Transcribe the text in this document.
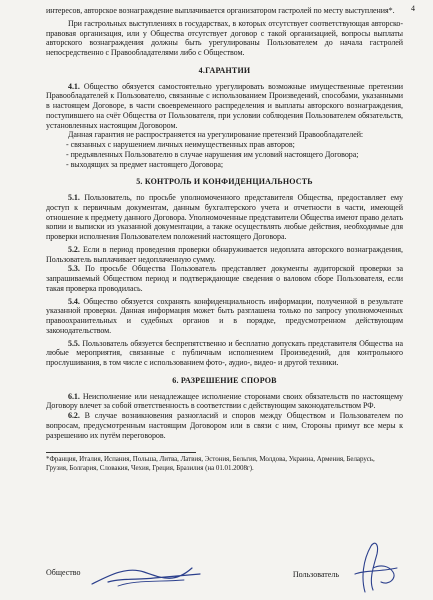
4

интересов, авторское вознаграждение выплачивается организатором гастролей по месту выступления*.

При гастрольных выступлениях в государствах, в которых отсутствует соответствующая авторско-правовая организация, или у Общества отсутствует договор с такой организацией, вопросы выплаты авторского вознаграждения должны быть урегулированы Пользователем до начала гастролей непосредственно с Правообладателями либо с Обществом.

4.ГАРАНТИИ

4.1. Общество обязуется самостоятельно урегулировать возможные имущественные претензии Правообладателей к Пользователю, связанные с использованием Произведений, способами, указанными в настоящем Договоре, в части своевременного распределения и выплаты авторского вознаграждения, поступившего на счёт Общества от Пользователя, при условии соблюдения Пользователем обязательств, установленных настоящим Договором.

Данная гарантия не распространяется на урегулирование претензий Правообладателей:

- связанных с нарушением личных неимущественных прав авторов;
- предъявленных Пользователю в случае нарушения им условий настоящего Договора;
- выходящих за предмет настоящего Договора;
5. КОНТРОЛЬ И КОНФИДЕНЦИАЛЬНОСТЬ

5.1. Пользователь, по просьбе уполномоченного представителя Общества, предоставляет ему доступ к первичным документам, данным бухгалтерского учета и отчетности в части, имеющей отношение к предмету данного Договора. Уполномоченные представители Общества имеют право делать копии и выписки из указанной документации, а также осуществлять любые действия, необходимые для проверки исполнения Пользователем положений настоящего Договора.

5.2. Если в период проведения проверки обнаруживается недоплата авторского вознаграждения, Пользователь выплачивает недоплаченную сумму.

5.3. По просьбе Общества Пользователь представляет документы аудиторской проверки за запрашиваемый Обществом период и подтверждающие сведения о валовом сборе Пользователя, если такая проверка проводилась.

5.4. Общество обязуется сохранять конфиденциальность информации, полученной в результате указанной проверки. Данная информация может быть разглашена только по запросу уполномоченных правоохранительных и судебных органов и в порядке, предусмотренном действующим законодательством.

5.5. Пользователь обязуется беспрепятственно и бесплатно допускать представителя Общества на любые мероприятия, связанные с публичным исполнением Произведений, для контрольного прослушивания, в том числе с использованием фото-, аудио-, видео- и другой техники.

6. РАЗРЕШЕНИЕ СПОРОВ

6.1. Неисполнение или ненадлежащее исполнение сторонами своих обязательств по настоящему Договору влечет за собой ответственность в соответствии с действующим законодательством РФ.

6.2. В случае возникновения разногласий и споров между Обществом и Пользователем по вопросам, предусмотренным настоящим Договором или в связи с ним, Стороны примут все меры к разрешению их путём переговоров.

*Франция, Италия, Испания, Польша, Литва, Латвия, Эстония, Бельгия, Молдова, Украина, Армения, Беларусь, Грузия, Болгария, Словакия, Чехия, Греция, Бразилия (на 01.01.2008г).

Общество	Пользователь
